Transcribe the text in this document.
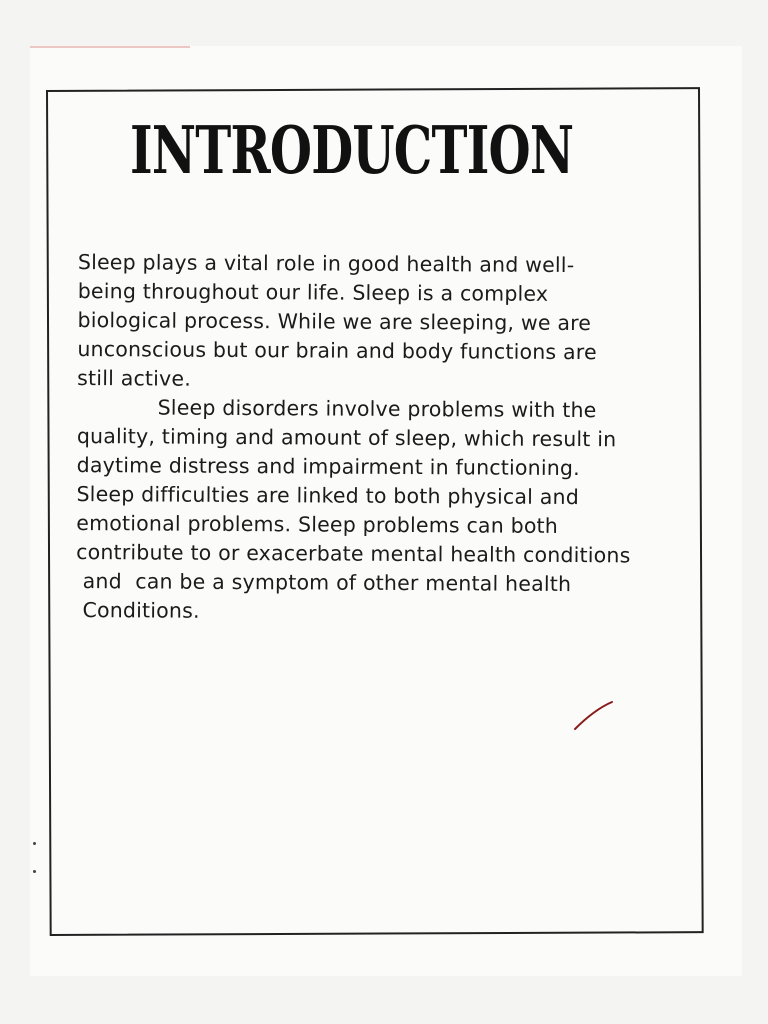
INTRODUCTION
Sleep plays a vital role in good health and well-
being throughout our life. Sleep is a complex
biological process. While we are sleeping, we are
unconscious but our brain and body functions are
still active.
Sleep disorders involve problems with the
quality, timing and amount of sleep, which result in
daytime distress and impairment in functioning.
Sleep difficulties are linked to both physical and
emotional problems. Sleep problems can both
contribute to or exacerbate mental health conditions
and  can be a symptom of other mental health
Conditions.
